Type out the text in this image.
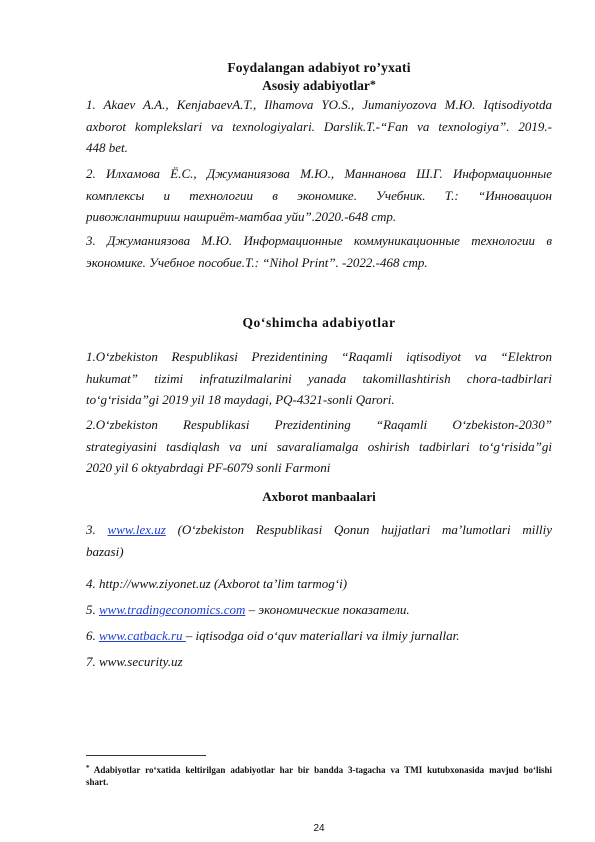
Foydalangan adabiyot ro’yxati
Asosiy adabiyotlar*
1. Akaev A.A., KenjabaevA.T., Ilhamova YO.S., Jumaniyozova M.Ю. Iqtisodiyotda
axborot komplekslari va texnologiyalari. Darslik.T.-“Fan va texnologiya”. 2019.-
448 bet.
2. Илхамова Ё.С., Джуманиязова М.Ю., Маннанова Ш.Г. Информационные
комплексы и технологии в экономике. Учебник. Т.: “Инновацион
ривожлантириш нашриёт-матбаа уйи”.2020.-648 стр.
3. Джуманиязова М.Ю. Информационные коммуникационные технологии в
экономике. Учебное пособие.Т.: “Nihol Print”. -2022.-468 стр.
Qo‘shimcha adabiyotlar
1.O‘zbekiston Respublikasi Prezidentining “Raqamli iqtisodiyot va “Elektron
hukumat” tizimi infratuzilmalarini yanada takomillashtirish chora-tadbirlari
to‘g‘risida”gi 2019 yil 18 maydagi, PQ-4321-sonli Qarori.
2.O‘zbekiston Respublikasi Prezidentining “Raqamli O‘zbekiston-2030”
strategiyasini tasdiqlash va uni savaraliamalga oshirish tadbirlari to‘g‘risida”gi
2020 yil 6 oktyabrdagi PF-6079 sonli Farmoni
Axborot manbaalari
3. www.lex.uz (O‘zbekiston Respublikasi Qonun hujjatlari ma’lumotlari milliy
bazasi)
4. http://www.ziyonet.uz (Axborot ta’lim tarmog‘i)
5. www.tradingeconomics.com – экономические показатели.
6. www.catback.ru – iqtisodga oid o‘quv materiallari va ilmiy jurnallar.
7. www.security.uz
* Adabiyotlar ro‘xatida keltirilgan adabiyotlar har bir bandda 3-tagacha va TMI kutubxonasida mavjud bo‘lishi
shart.
24
